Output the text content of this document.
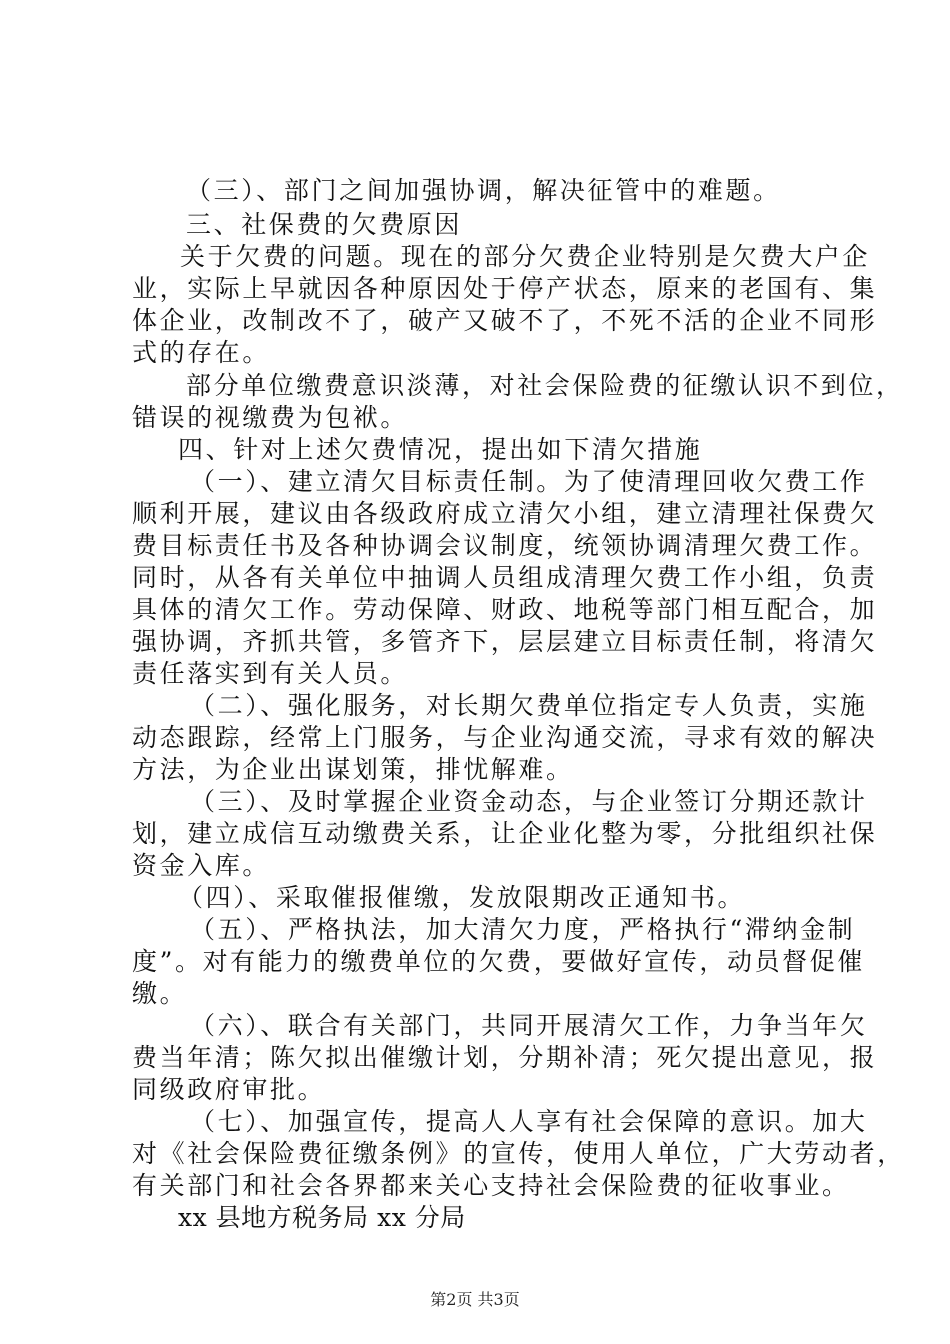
（三）、部门之间加强协调，解决征管中的难题。
三、社保费的欠费原因
关于欠费的问题。现在的部分欠费企业特别是欠费大户企
业，实际上早就因各种原因处于停产状态，原来的老国有、集
体企业，改制改不了，破产又破不了，不死不活的企业不同形
式的存在。
部分单位缴费意识淡薄，对社会保险费的征缴认识不到位，
错误的视缴费为包袱。
四、针对上述欠费情况，提出如下清欠措施
（一）、建立清欠目标责任制。为了使清理回收欠费工作
顺利开展，建议由各级政府成立清欠小组，建立清理社保费欠
费目标责任书及各种协调会议制度，统领协调清理欠费工作。
同时，从各有关单位中抽调人员组成清理欠费工作小组，负责
具体的清欠工作。劳动保障、财政、地税等部门相互配合，加
强协调，齐抓共管，多管齐下，层层建立目标责任制，将清欠
责任落实到有关人员。
（二）、强化服务，对长期欠费单位指定专人负责，实施
动态跟踪，经常上门服务，与企业沟通交流，寻求有效的解决
方法，为企业出谋划策，排忧解难。
（三）、及时掌握企业资金动态，与企业签订分期还款计
划，建立成信互动缴费关系，让企业化整为零，分批组织社保
资金入库。
（四）、采取催报催缴，发放限期改正通知书。
（五）、严格执法，加大清欠力度，严格执行“滞纳金制
度”。对有能力的缴费单位的欠费，要做好宣传，动员督促催
缴。
（六）、联合有关部门，共同开展清欠工作，力争当年欠
费当年清；陈欠拟出催缴计划，分期补清；死欠提出意见，报
同级政府审批。
（七）、加强宣传，提高人人享有社会保障的意识。加大
对《社会保险费征缴条例》的宣传，使用人单位，广大劳动者，
有关部门和社会各界都来关心支持社会保险费的征收事业。
xx 县地方税务局 xx 分局
第2页 共3页
